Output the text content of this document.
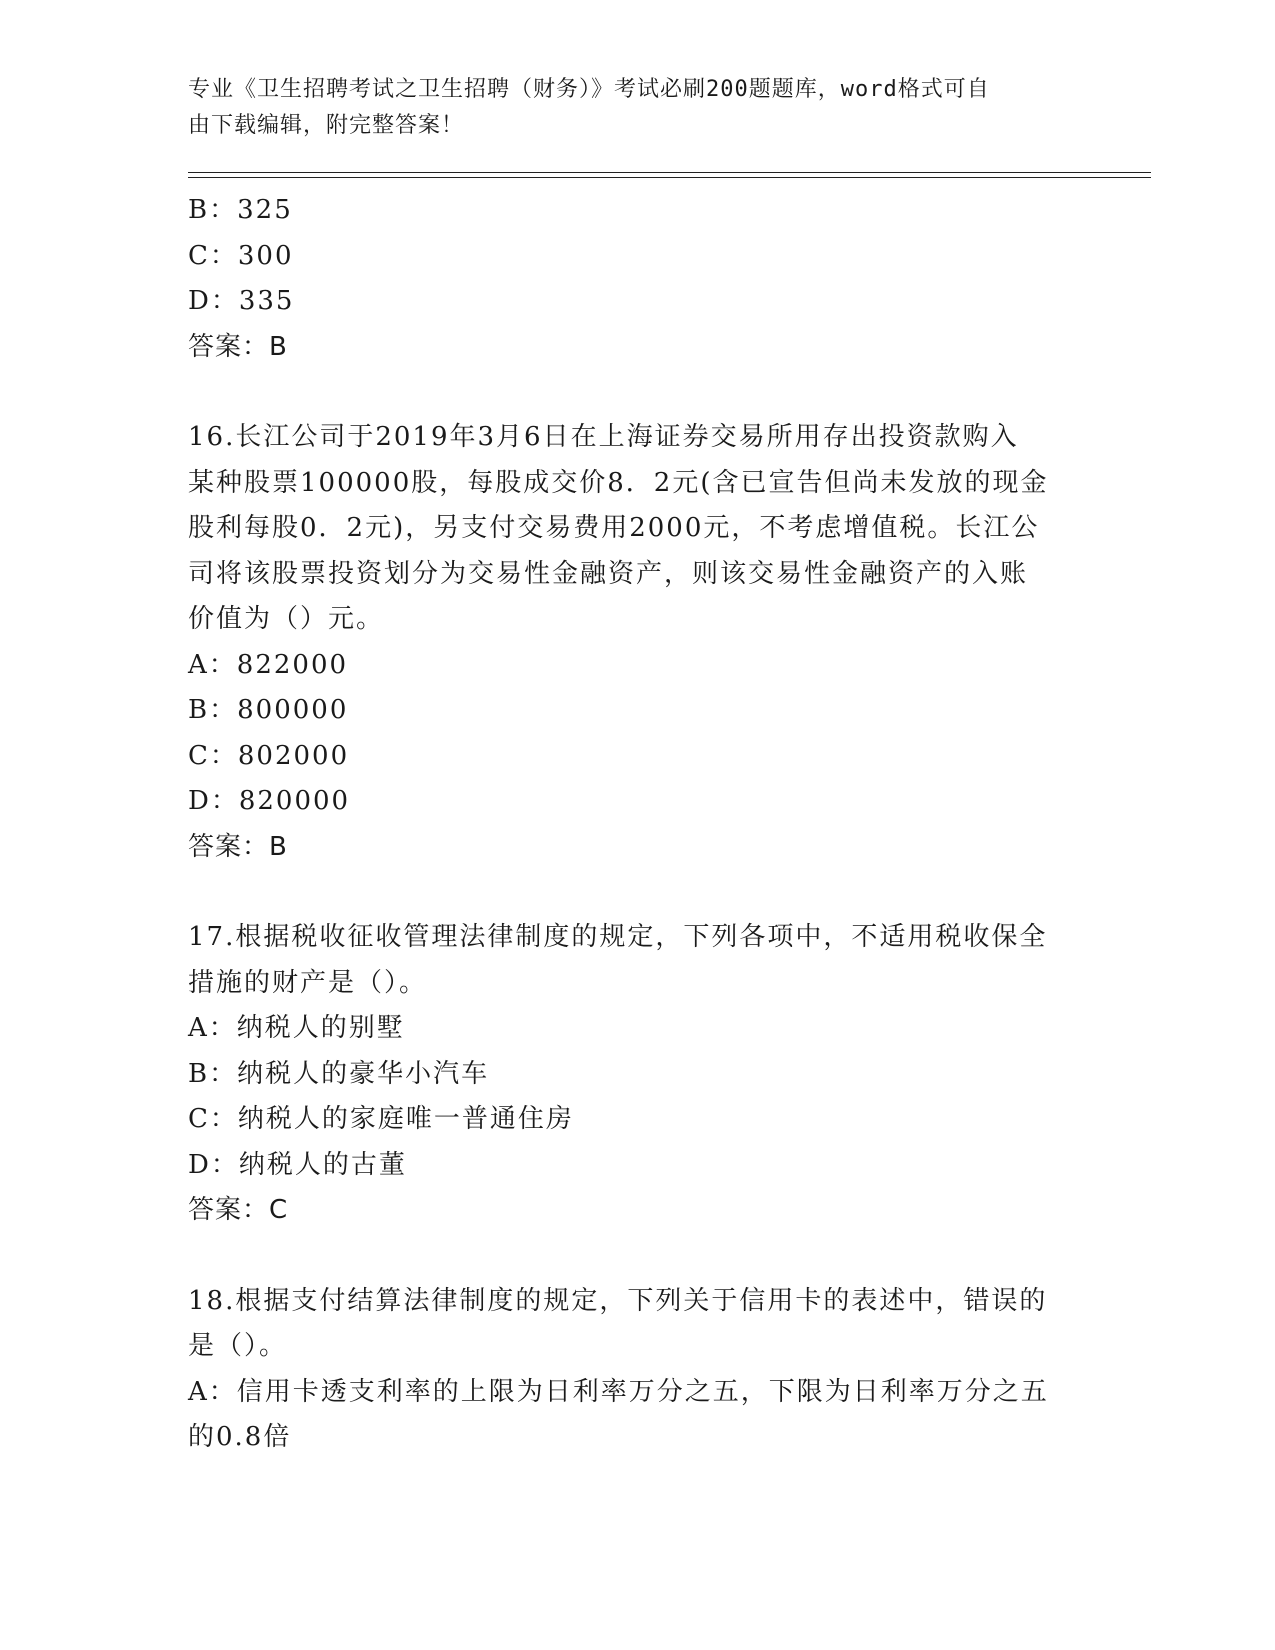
专业《卫生招聘考试之卫生招聘（财务）》考试必刷200题题库，word格式可自
由下载编辑，附完整答案！
B：325
C：300
D：335
答案：B
16.长江公司于2019年3月6日在上海证券交易所用存出投资款购入
某种股票100000股，每股成交价8．2元(含已宣告但尚未发放的现金
股利每股0．2元)，另支付交易费用2000元，不考虑增值税。长江公
司将该股票投资划分为交易性金融资产，则该交易性金融资产的入账
价值为（）元。
A：822000
B：800000
C：802000
D：820000
答案：B
17.根据税收征收管理法律制度的规定，下列各项中，不适用税收保全
措施的财产是（）。
A：纳税人的别墅
B：纳税人的豪华小汽车
C：纳税人的家庭唯一普通住房
D：纳税人的古董
答案：C
18.根据支付结算法律制度的规定，下列关于信用卡的表述中，错误的
是（）。
A：信用卡透支利率的上限为日利率万分之五，下限为日利率万分之五
的0.8倍
